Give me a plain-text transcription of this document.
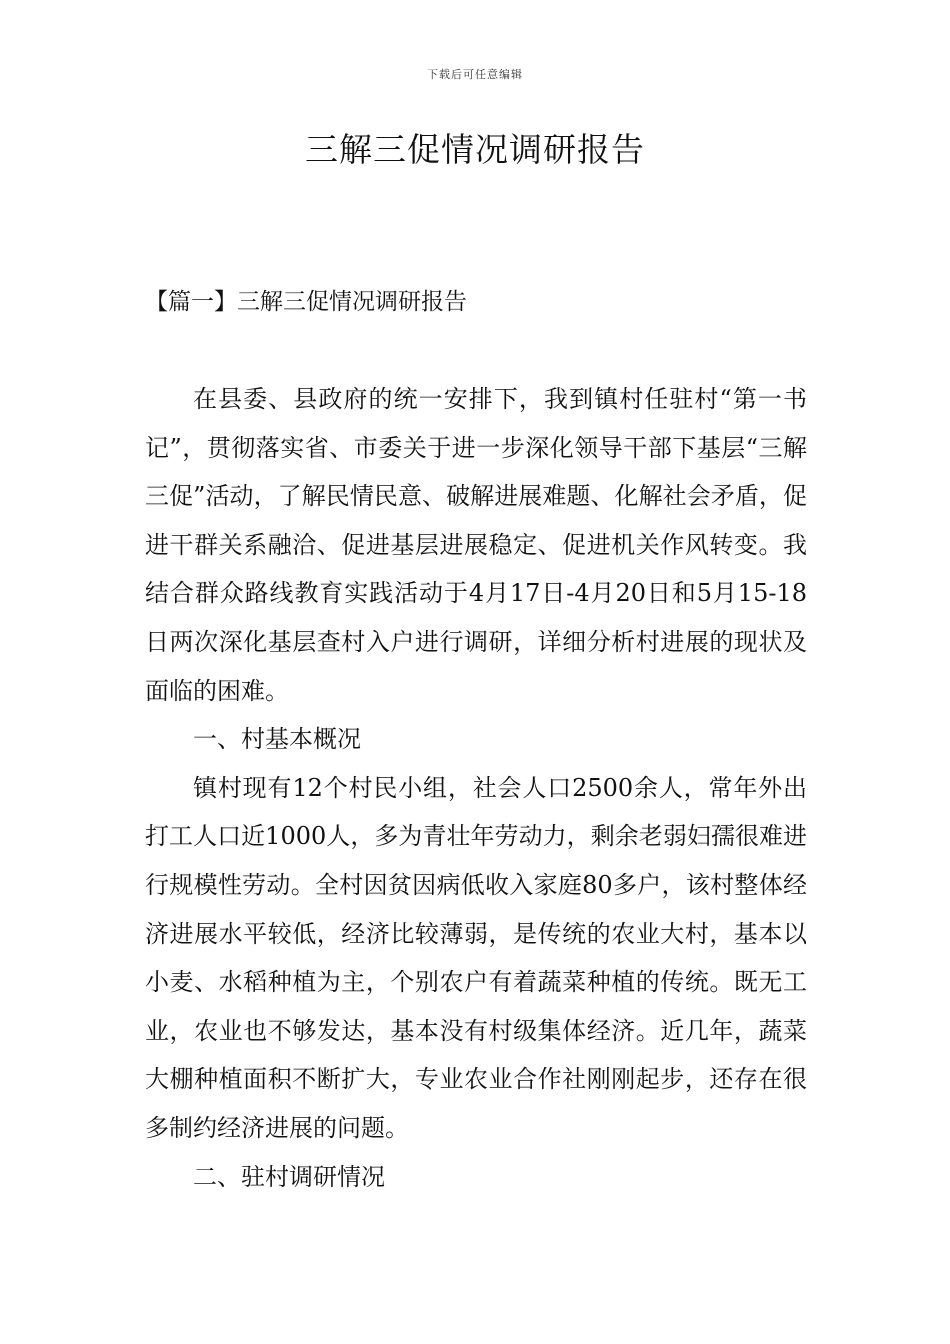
下载后可任意编辑
三解三促情况调研报告
【篇一】三解三促情况调研报告

在县委、县政府的统一安排下，我到镇村任驻村“第一书记”，贯彻落实省、市委关于进一步深化领导干部下基层“三解三促”活动，了解民情民意、破解进展难题、化解社会矛盾，促进干群关系融洽、促进基层进展稳定、促进机关作风转变。我结合群众路线教育实践活动于4月17日-4月20日和5月15-18日两次深化基层查村入户进行调研，详细分析村进展的现状及面临的困难。

一、村基本概况

镇村现有12个村民小组，社会人口2500余人，常年外出打工人口近1000人，多为青壮年劳动力，剩余老弱妇孺很难进行规模性劳动。全村因贫因病低收入家庭80多户，该村整体经济进展水平较低，经济比较薄弱，是传统的农业大村，基本以小麦、水稻种植为主，个别农户有着蔬菜种植的传统。既无工业，农业也不够发达，基本没有村级集体经济。近几年，蔬菜大棚种植面积不断扩大，专业农业合作社刚刚起步，还存在很多制约经济进展的问题。

二、驻村调研情况
